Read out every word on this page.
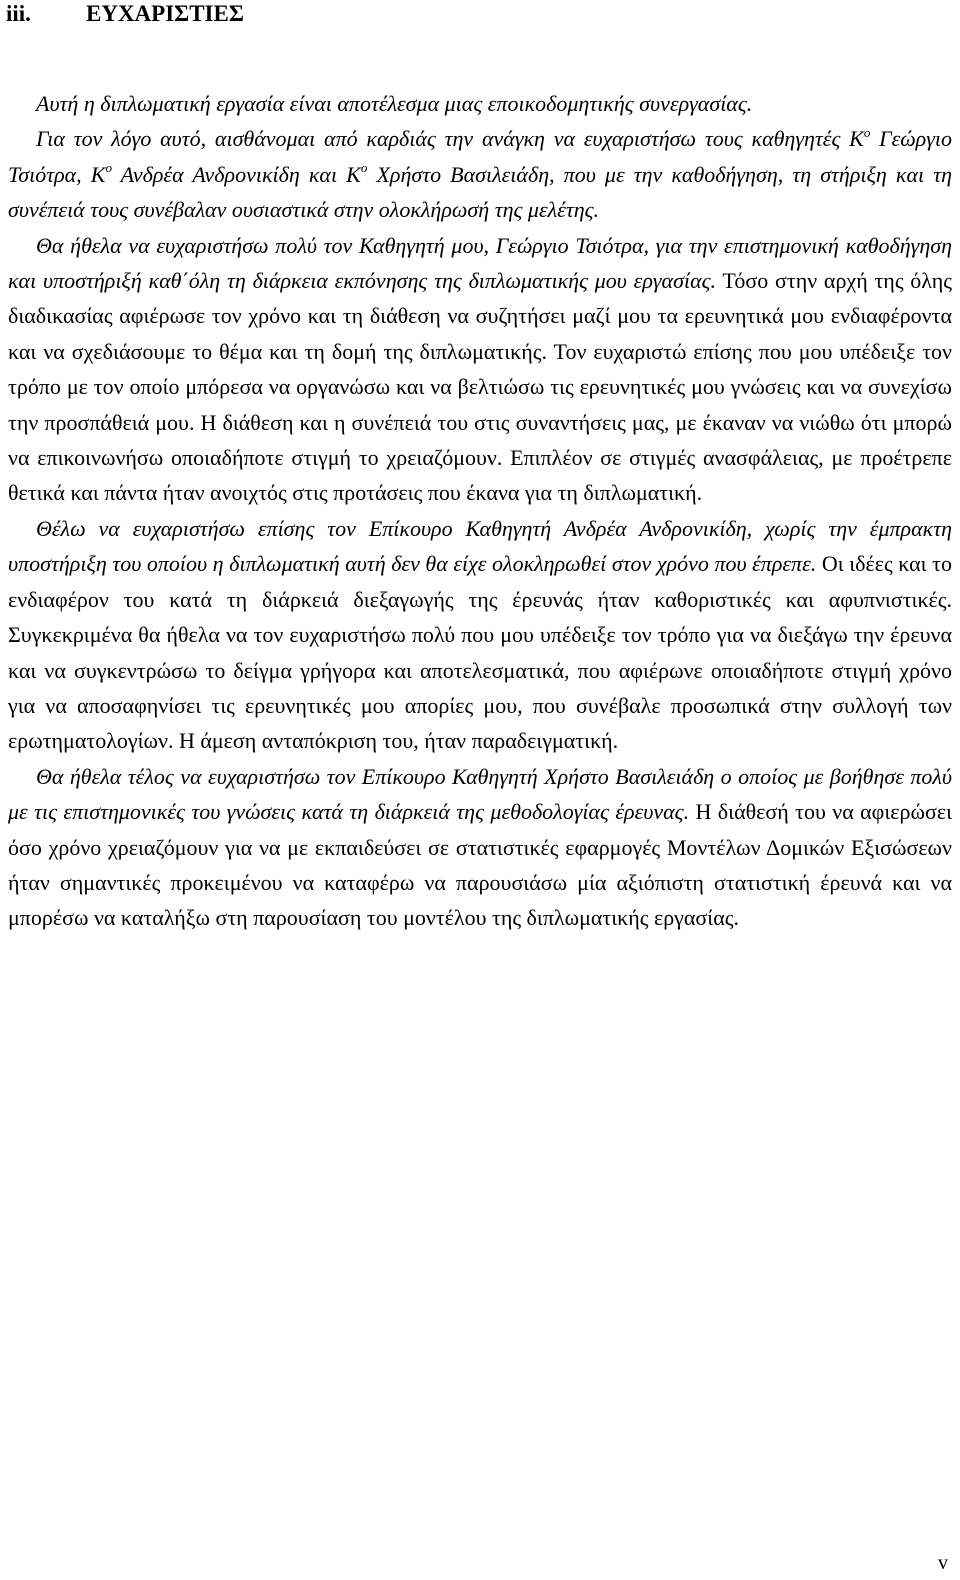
iii. ΕΥΧΑΡΙΣΤΙΕΣ

Αυτή η διπλωματική εργασία είναι αποτέλεσμα μιας εποικοδομητικής συνεργασίας.

Για τον λόγο αυτό, αισθάνομαι από καρδιάς την ανάγκη να ευχαριστήσω τους καθηγητές $K^o$ Γεώργιο Τσιότρα, $K^o$ Ανδρέα Ανδρονικίδη και $K^o$ Χρήστο Βασιλειάδη, που με την καθοδήγηση, τη στήριξη και τη συνέπειά τους συνέβαλαν ουσιαστικά στην ολοκλήρωσή της μελέτης.

Θα ήθελα να ευχαριστήσω πολύ τον Καθηγητή μου, Γεώργιο Τσιότρα, για την επιστημονική καθοδήγηση και υποστήριξή καθ΄όλη τη διάρκεια εκπόνησης της διπλωματικής μου εργασίας. Τόσο στην αρχή της όλης διαδικασίας αφιέρωσε τον χρόνο και τη διάθεση να συζητήσει μαζί μου τα ερευνητικά μου ενδιαφέροντα και να σχεδιάσουμε το θέμα και τη δομή της διπλωματικής. Τον ευχαριστώ επίσης που μου υπέδειξε τον τρόπο με τον οποίο μπόρεσα να οργανώσω και να βελτιώσω τις ερευνητικές μου γνώσεις και να συνεχίσω την προσπάθειά μου. Η διάθεση και η συνέπειά του στις συναντήσεις μας, με έκαναν να νιώθω ότι μπορώ να επικοινωνήσω οποιαδήποτε στιγμή το χρειαζόμουν. Επιπλέον σε στιγμές ανασφάλειας, με προέτρεπε θετικά και πάντα ήταν ανοιχτός στις προτάσεις που έκανα για τη διπλωματική.

Θέλω να ευχαριστήσω επίσης τον Επίκουρο Καθηγητή Ανδρέα Ανδρονικίδη, χωρίς την έμπρακτη υποστήριξη του οποίου η διπλωματική αυτή δεν θα είχε ολοκληρωθεί στον χρόνο που έπρεπε. Οι ιδέες και το ενδιαφέρον του κατά τη διάρκειά διεξαγωγής της έρευνάς ήταν καθοριστικές και αφυπνιστικές. Συγκεκριμένα θα ήθελα να τον ευχαριστήσω πολύ που μου υπέδειξε τον τρόπο για να διεξάγω την έρευνα και να συγκεντρώσω το δείγμα γρήγορα και αποτελεσματικά, που αφιέρωνε οποιαδήποτε στιγμή χρόνο για να αποσαφηνίσει τις ερευνητικές μου απορίες μου, που συνέβαλε προσωπικά στην συλλογή των ερωτηματολογίων. Η άμεση ανταπόκριση του, ήταν παραδειγματική.

Θα ήθελα τέλος να ευχαριστήσω τον Επίκουρο Καθηγητή Χρήστο Βασιλειάδη ο οποίος με βοήθησε πολύ με τις επιστημονικές του γνώσεις κατά τη διάρκειά της μεθοδολογίας έρευνας. Η διάθεσή του να αφιερώσει όσο χρόνο χρειαζόμουν για να με εκπαιδεύσει σε στατιστικές εφαρμογές Μοντέλων Δομικών Εξισώσεων ήταν σημαντικές προκειμένου να καταφέρω να παρουσιάσω μία αξιόπιστη στατιστική έρευνά και να μπορέσω να καταλήξω στη παρουσίαση του μοντέλου της διπλωματικής εργασίας.

v
